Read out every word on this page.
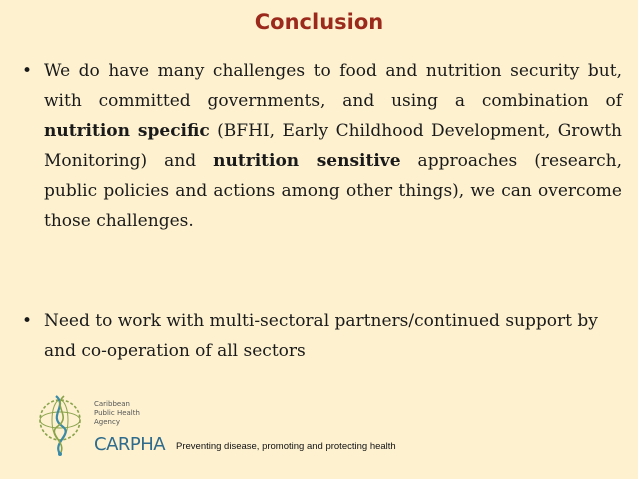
Conclusion
• We do have many challenges to food and nutrition security but, with committed governments, and using a combination of nutrition specific (BFHI, Early Childhood Development, Growth Monitoring) and nutrition sensitive approaches (research, public policies and actions among other things), we can overcome those challenges.
• Need to work with multi-sectoral partners/continued support by and co-operation of all sectors
Caribbean
Public Health
Agency
CARPHA Preventing disease, promoting and protecting health
